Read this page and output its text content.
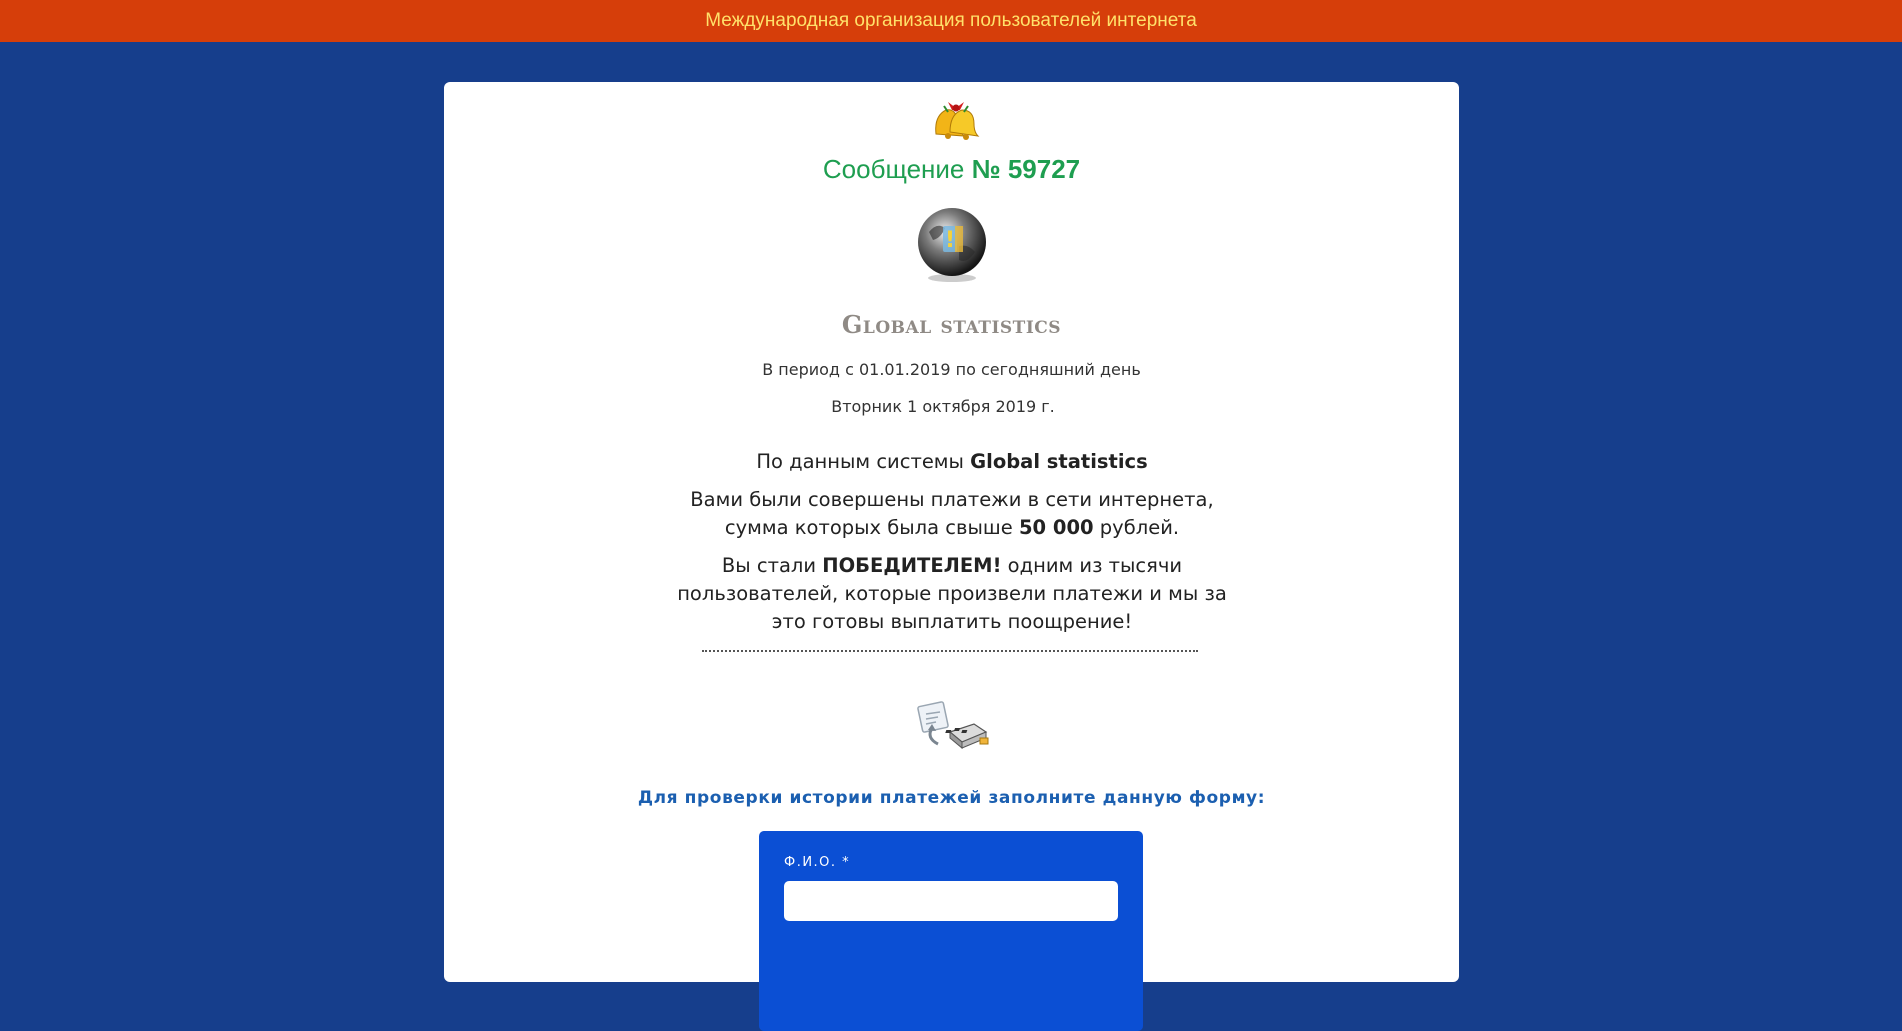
Международная организация пользователей интернета
Сообщение № 59727
!
Global statistics
В период с 01.01.2019 по сегодняшний день
Вторник 1 октября 2019 г.
По данным системы Global statistics
Вами были совершены платежи в сети интернета, сумма которых была свыше 50 000 рублей.
Вы стали ПОБЕДИТЕЛЕМ! одним из тысячи пользователей, которые произвели платежи и мы за это готовы выплатить поощрение!
Для проверки истории платежей заполните данную форму:
Ф.И.О. *
